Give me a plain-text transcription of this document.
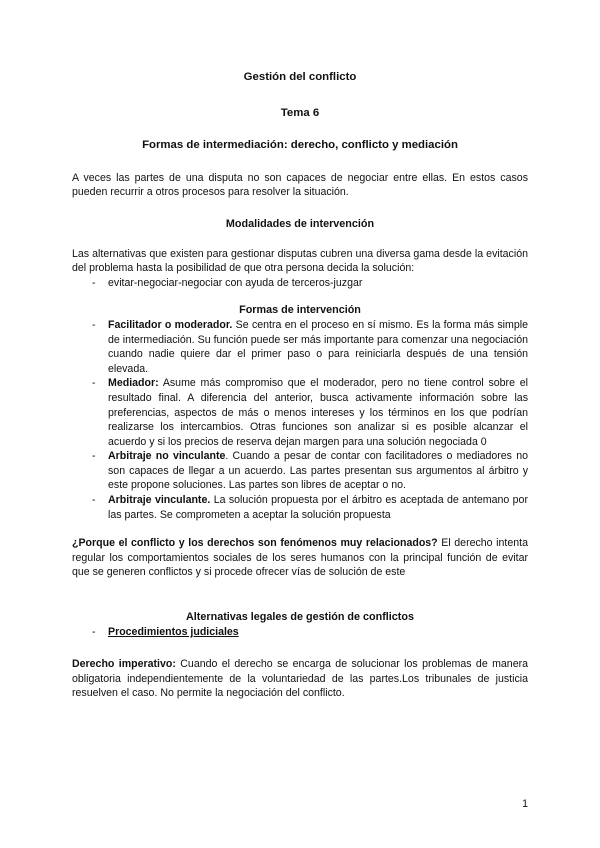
Gestión del conflicto

Tema 6

Formas de intermediación: derecho, conflicto y mediación

A veces las partes de una disputa no son capaces de negociar entre ellas. En estos casos pueden recurrir a otros procesos para resolver la situación.

Modalidades de intervención

Las alternativas que existen para gestionar disputas cubren una diversa gama desde la evitación del problema hasta la posibilidad de que otra persona decida la solución:

- evitar-negociar-negociar con ayuda de terceros-juzgar

Formas de intervención

- Facilitador o moderador. Se centra en el proceso en sí mismo. Es la forma más simple de intermediación. Su función puede ser más importante para comenzar una negociación cuando nadie quiere dar el primer paso o para reiniciarla después de una tensión elevada.
- Mediador: Asume más compromiso que el moderador, pero no tiene control sobre el resultado final. A diferencia del anterior, busca activamente información sobre las preferencias, aspectos de más o menos intereses y los términos en los que podrían realizarse los intercambios. Otras funciones son analizar si es posible alcanzar el acuerdo y si los precios de reserva dejan margen para una solución negociada 0
- Arbitraje no vinculante. Cuando a pesar de contar con facilitadores o mediadores no son capaces de llegar a un acuerdo. Las partes presentan sus argumentos al árbitro y este propone soluciones. Las partes son libres de aceptar o no.
- Arbitraje vinculante. La solución propuesta por el árbitro es aceptada de antemano por las partes. Se comprometen a aceptar la solución propuesta

¿Porque el conflicto y los derechos son fenómenos muy relacionados? El derecho intenta regular los comportamientos sociales de los seres humanos con la principal función de evitar que se generen conflictos y si procede ofrecer vías de solución de este

Alternativas legales de gestión de conflictos

- Procedimientos judiciales

Derecho imperativo: Cuando el derecho se encarga de solucionar los problemas de manera obligatoria independientemente de la voluntariedad de las partes.Los tribunales de justicia resuelven el caso. No permite la negociación del conflicto.

1
